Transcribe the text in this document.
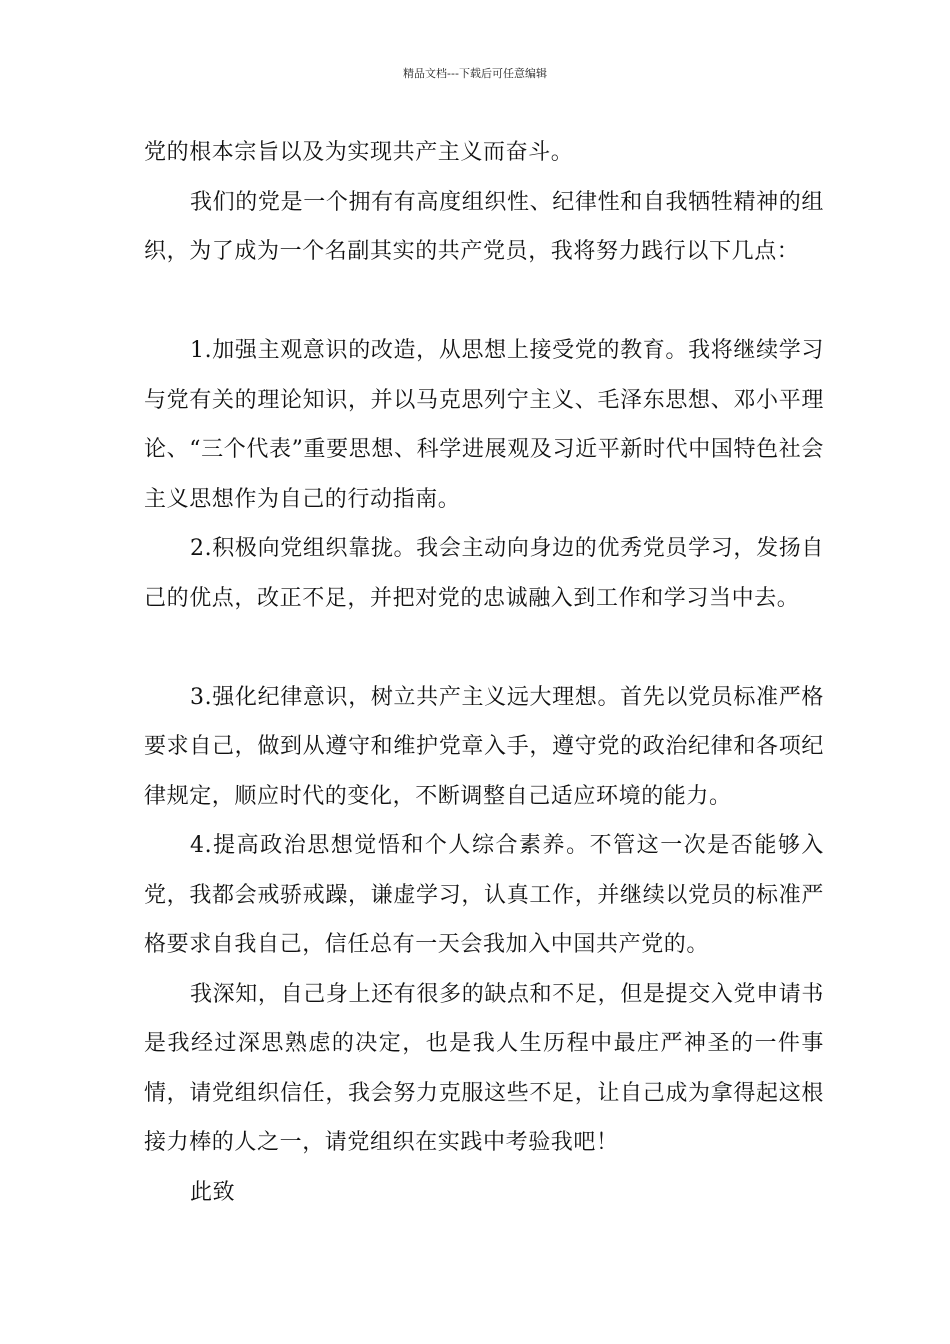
精品文档---下载后可任意编辑

党的根本宗旨以及为实现共产主义而奋斗。

我们的党是一个拥有有高度组织性、纪律性和自我牺牲精神的组织，为了成为一个名副其实的共产党员，我将努力践行以下几点：

1.加强主观意识的改造，从思想上接受党的教育。我将继续学习与党有关的理论知识，并以马克思列宁主义、毛泽东思想、邓小平理论、“三个代表”重要思想、科学进展观及习近平新时代中国特色社会主义思想作为自己的行动指南。

2.积极向党组织靠拢。我会主动向身边的优秀党员学习，发扬自己的优点，改正不足，并把对党的忠诚融入到工作和学习当中去。

3.强化纪律意识，树立共产主义远大理想。首先以党员标准严格要求自己，做到从遵守和维护党章入手，遵守党的政治纪律和各项纪律规定，顺应时代的变化，不断调整自己适应环境的能力。

4.提高政治思想觉悟和个人综合素养。不管这一次是否能够入党，我都会戒骄戒躁，谦虚学习，认真工作，并继续以党员的标准严格要求自我自己，信任总有一天会我加入中国共产党的。

我深知，自己身上还有很多的缺点和不足，但是提交入党申请书是我经过深思熟虑的决定，也是我人生历程中最庄严神圣的一件事情，请党组织信任，我会努力克服这些不足，让自己成为拿得起这根接力棒的人之一，请党组织在实践中考验我吧！

此致
